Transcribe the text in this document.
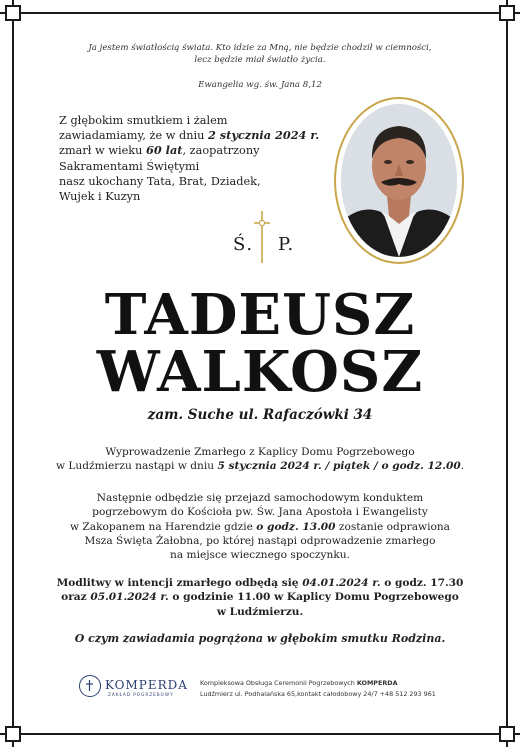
Ja jestem światłością świata. Kto idzie za Mną, nie będzie chodził w ciemności,
lecz będzie miał światło życia.
Ewangelia wg. św. Jana 8,12
Z głębokim smutkiem i żalem
zawiadamiamy, że w dniu 2 stycznia 2024 r.
zmarł w wieku 60 lat, zaopatrzony
Sakramentami Świętymi
nasz ukochany Tata, Brat, Dziadek,
Wujek i Kuzyn
Ś. P.
TADEUSZ
WALKOSZ
zam. Suche ul. Rafaczówki 34
Wyprowadzenie Zmarłego z Kaplicy Domu Pogrzebowego
w Ludźmierzu nastąpi w dniu 5 stycznia 2024 r. / piątek / o godz. 12.00.
Następnie odbędzie się przejazd samochodowym konduktem
pogrzebowym do Kościoła pw. Św. Jana Apostoła i Ewangelisty
w Zakopanem na Harendzie gdzie o godz. 13.00 zostanie odprawiona
Msza Święta Żałobna, po której nastąpi odprowadzenie zmarłego
na miejsce wiecznego spoczynku.
Modlitwy w intencji zmarłego odbędą się 04.01.2024 r. o godz. 17.30
oraz 05.01.2024 r. o godzinie 11.00 w Kaplicy Domu Pogrzebowego
w Ludźmierzu.
O czym zawiadamia pogrążona w głębokim smutku Rodzina.
KOMPERDA
ZAKŁAD POGRZEBOWY
Kompleksowa Obsługa Ceremonii Pogrzebowych KOMPERDA
Ludźmierz ul. Podhalańska 65,kontakt całodobowy 24/7 +48 512 293 961
